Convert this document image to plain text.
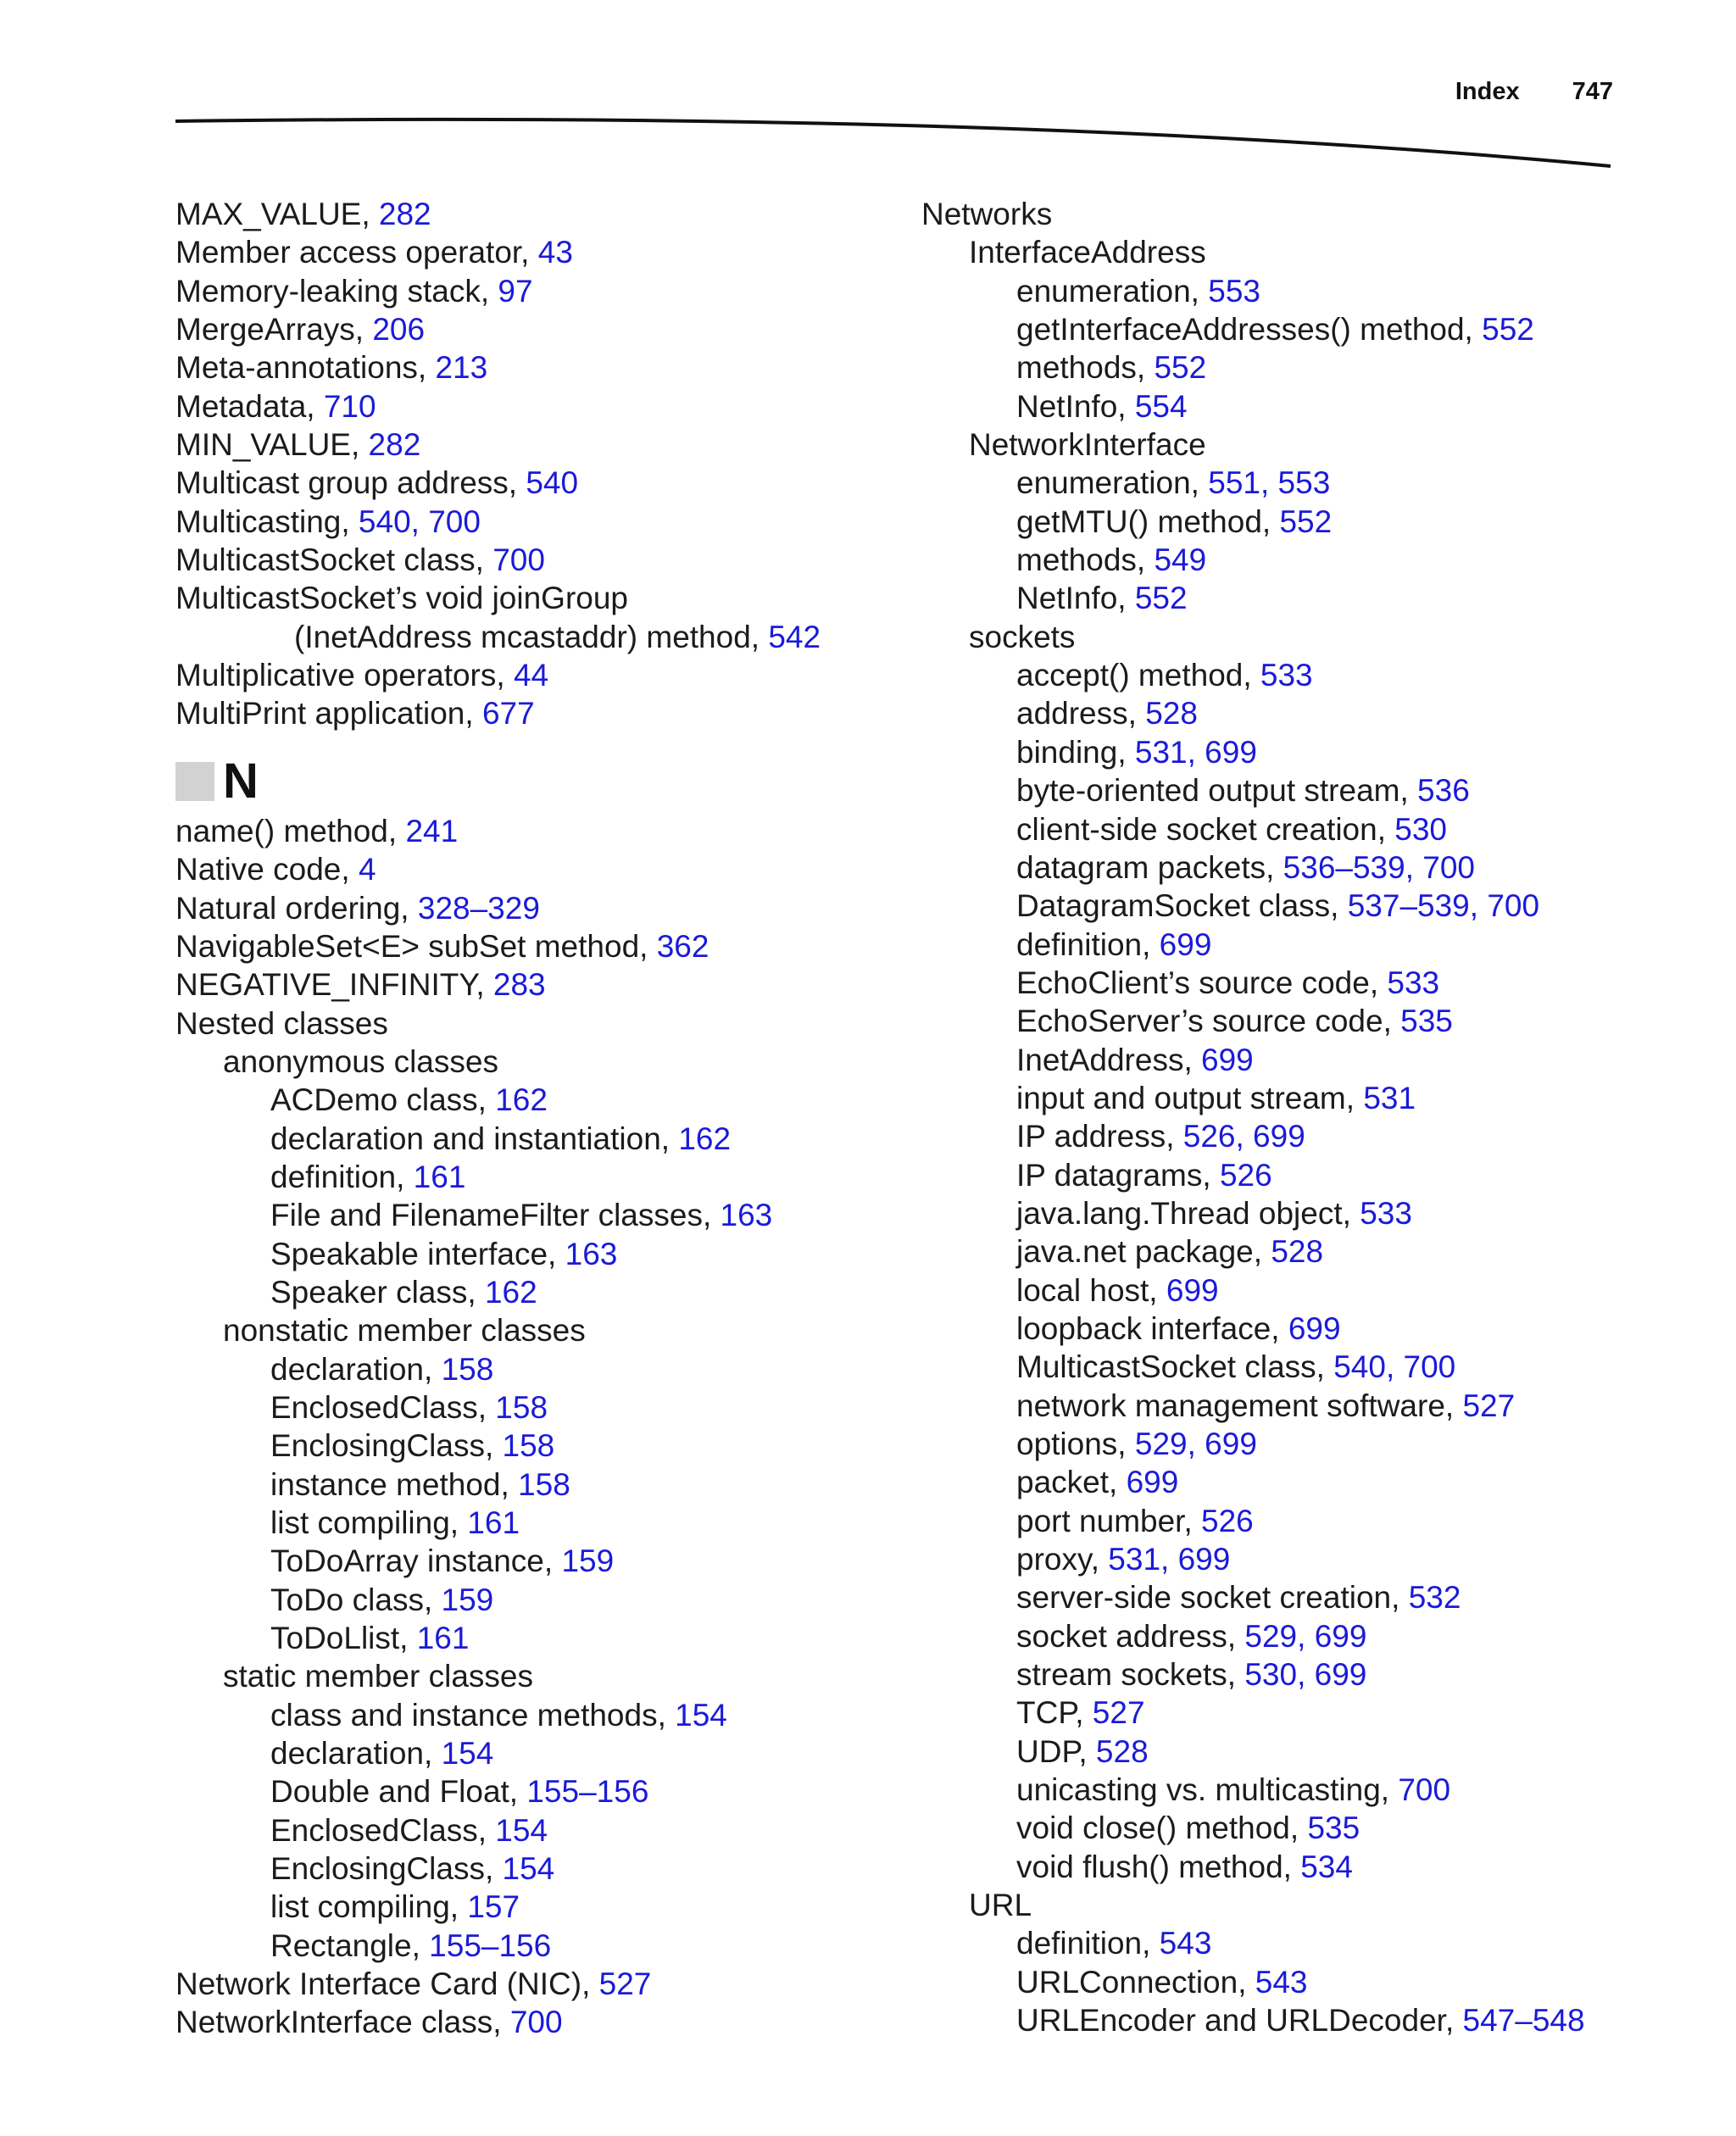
Index 747
MAX_VALUE, 282
Member access operator, 43
Memory-leaking stack, 97
MergeArrays, 206
Meta-annotations, 213
Metadata, 710
MIN_VALUE, 282
Multicast group address, 540
Multicasting, 540, 700
MulticastSocket class, 700
MulticastSocket’s void joinGroup
(InetAddress mcastaddr) method, 542
Multiplicative operators, 44
MultiPrint application, 677
N
name() method, 241
Native code, 4
Natural ordering, 328–329
NavigableSet<E> subSet method, 362
NEGATIVE_INFINITY, 283
Nested classes
anonymous classes
ACDemo class, 162
declaration and instantiation, 162
definition, 161
File and FilenameFilter classes, 163
Speakable interface, 163
Speaker class, 162
nonstatic member classes
declaration, 158
EnclosedClass, 158
EnclosingClass, 158
instance method, 158
list compiling, 161
ToDoArray instance, 159
ToDo class, 159
ToDoLlist, 161
static member classes
class and instance methods, 154
declaration, 154
Double and Float, 155–156
EnclosedClass, 154
EnclosingClass, 154
list compiling, 157
Rectangle, 155–156
Network Interface Card (NIC), 527
NetworkInterface class, 700
Networks
InterfaceAddress
enumeration, 553
getInterfaceAddresses() method, 552
methods, 552
NetInfo, 554
NetworkInterface
enumeration, 551, 553
getMTU() method, 552
methods, 549
NetInfo, 552
sockets
accept() method, 533
address, 528
binding, 531, 699
byte-oriented output stream, 536
client-side socket creation, 530
datagram packets, 536–539, 700
DatagramSocket class, 537–539, 700
definition, 699
EchoClient’s source code, 533
EchoServer’s source code, 535
InetAddress, 699
input and output stream, 531
IP address, 526, 699
IP datagrams, 526
java.lang.Thread object, 533
java.net package, 528
local host, 699
loopback interface, 699
MulticastSocket class, 540, 700
network management software, 527
options, 529, 699
packet, 699
port number, 526
proxy, 531, 699
server-side socket creation, 532
socket address, 529, 699
stream sockets, 530, 699
TCP, 527
UDP, 528
unicasting vs. multicasting, 700
void close() method, 535
void flush() method, 534
URL
definition, 543
URLConnection, 543
URLEncoder and URLDecoder, 547–548
